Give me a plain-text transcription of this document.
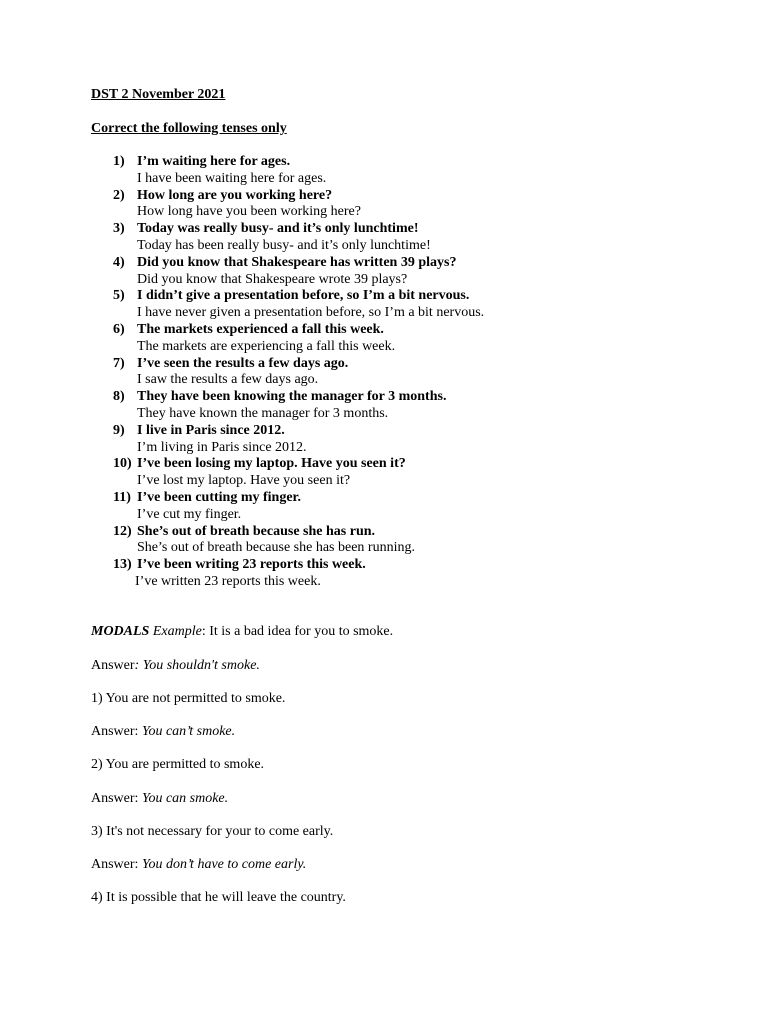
DST 2 November 2021
Correct the following tenses only
1) I’m waiting here for ages.
I have been waiting here for ages.
2) How long are you working here?
How long have you been working here?
3) Today was really busy- and it’s only lunchtime!
Today has been really busy- and it’s only lunchtime!
4) Did you know that Shakespeare has written 39 plays?
Did you know that Shakespeare wrote 39 plays?
5) I didn’t give a presentation before, so I’m a bit nervous.
I have never given a presentation before, so I’m a bit nervous.
6) The markets experienced a fall this week.
The markets are experiencing a fall this week.
7) I’ve seen the results a few days ago.
I saw the results a few days ago.
8) They have been knowing the manager for 3 months.
They have known the manager for 3 months.
9) I live in Paris since 2012.
I’m living in Paris since 2012.
10) I’ve been losing my laptop. Have you seen it?
I’ve lost my laptop. Have you seen it?
11) I’ve been cutting my finger.
I’ve cut my finger.
12) She’s out of breath because she has run.
She’s out of breath because she has been running.
13) I’ve been writing 23 reports this week.
I’ve written 23 reports this week.

MODALS Example: It is a bad idea for you to smoke.

Answer: You shouldn't smoke.

1) You are not permitted to smoke.

Answer: You can’t smoke.

2) You are permitted to smoke.

Answer: You can smoke.

3) It's not necessary for your to come early.

Answer: You don’t have to come early.

4) It is possible that he will leave the country.
